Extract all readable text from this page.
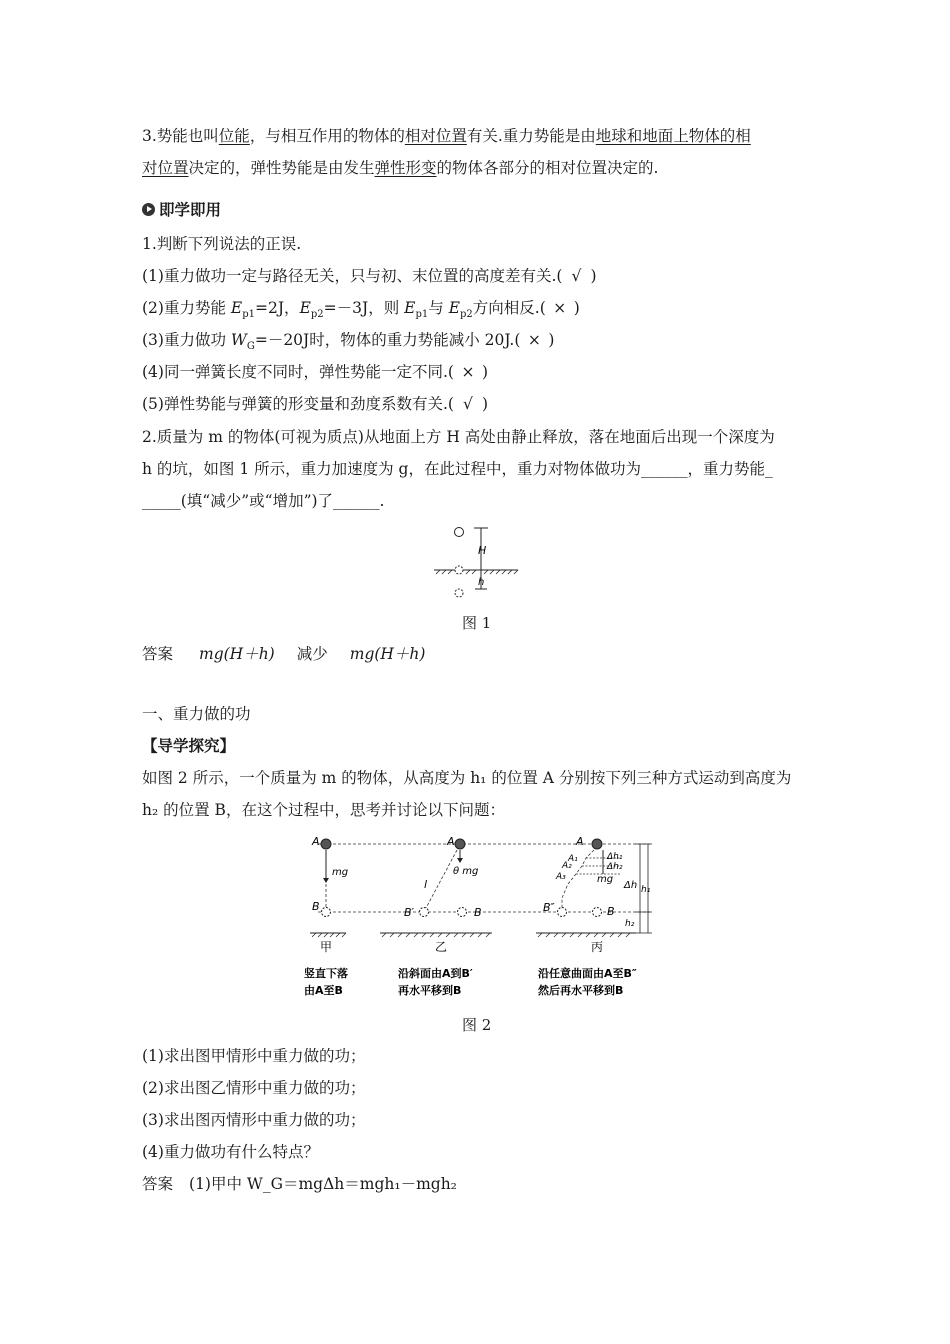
3.势能也叫位能，与相互作用的物体的相对位置有关.重力势能是由地球和地面上物体的相
对位置决定的，弹性势能是由发生弹性形变的物体各部分的相对位置决定的.
即学即用
1.判断下列说法的正误.
(1)重力做功一定与路径无关，只与初、末位置的高度差有关.( √ )
(2)重力势能 $E_{p1}=2J$，$E_{p2}=-3J$，则 $E_{p1}$与 $E_{p2}$方向相反.( × )
(3)重力做功 $W_G=-20J$时，物体的重力势能减小 20J.( × )
(4)同一弹簧长度不同时，弹性势能一定不同.( × )
(5)弹性势能与弹簧的形变量和劲度系数有关.( √ )
2.质量为 m 的物体(可视为质点)从地面上方 H 高处由静止释放，落在地面后出现一个深度为
h 的坑，如图 1 所示，重力加速度为 g，在此过程中，重力对物体做功为______，重力势能_
_____(填“减少”或“增加”)了______.
H
h
图 1
答案 mg(H＋h) 减少 mg(H＋h)
一、重力做的功
【导学探究】
如图 2 所示，一个质量为 m 的物体，从高度为 h₁ 的位置 A 分别按下列三种方式运动到高度为
h₂ 的位置 B，在这个过程中，思考并讨论以下问题：
A
mg
B
甲
竖直下落
由A至B
A
θ mg
l
B′	B
乙
沿斜面由A到B′
再水平移到B
A
A₁
A₂
A₃
Δh₁
Δh₂
mg
Δh h₁
h₂
B″	B
丙
沿任意曲面由A至B″
然后再水平移到B
图 2
(1)求出图甲情形中重力做的功；
(2)求出图乙情形中重力做的功；
(3)求出图丙情形中重力做的功；
(4)重力做功有什么特点？
答案 (1)甲中 W_G＝mgΔh＝mgh₁－mgh₂
